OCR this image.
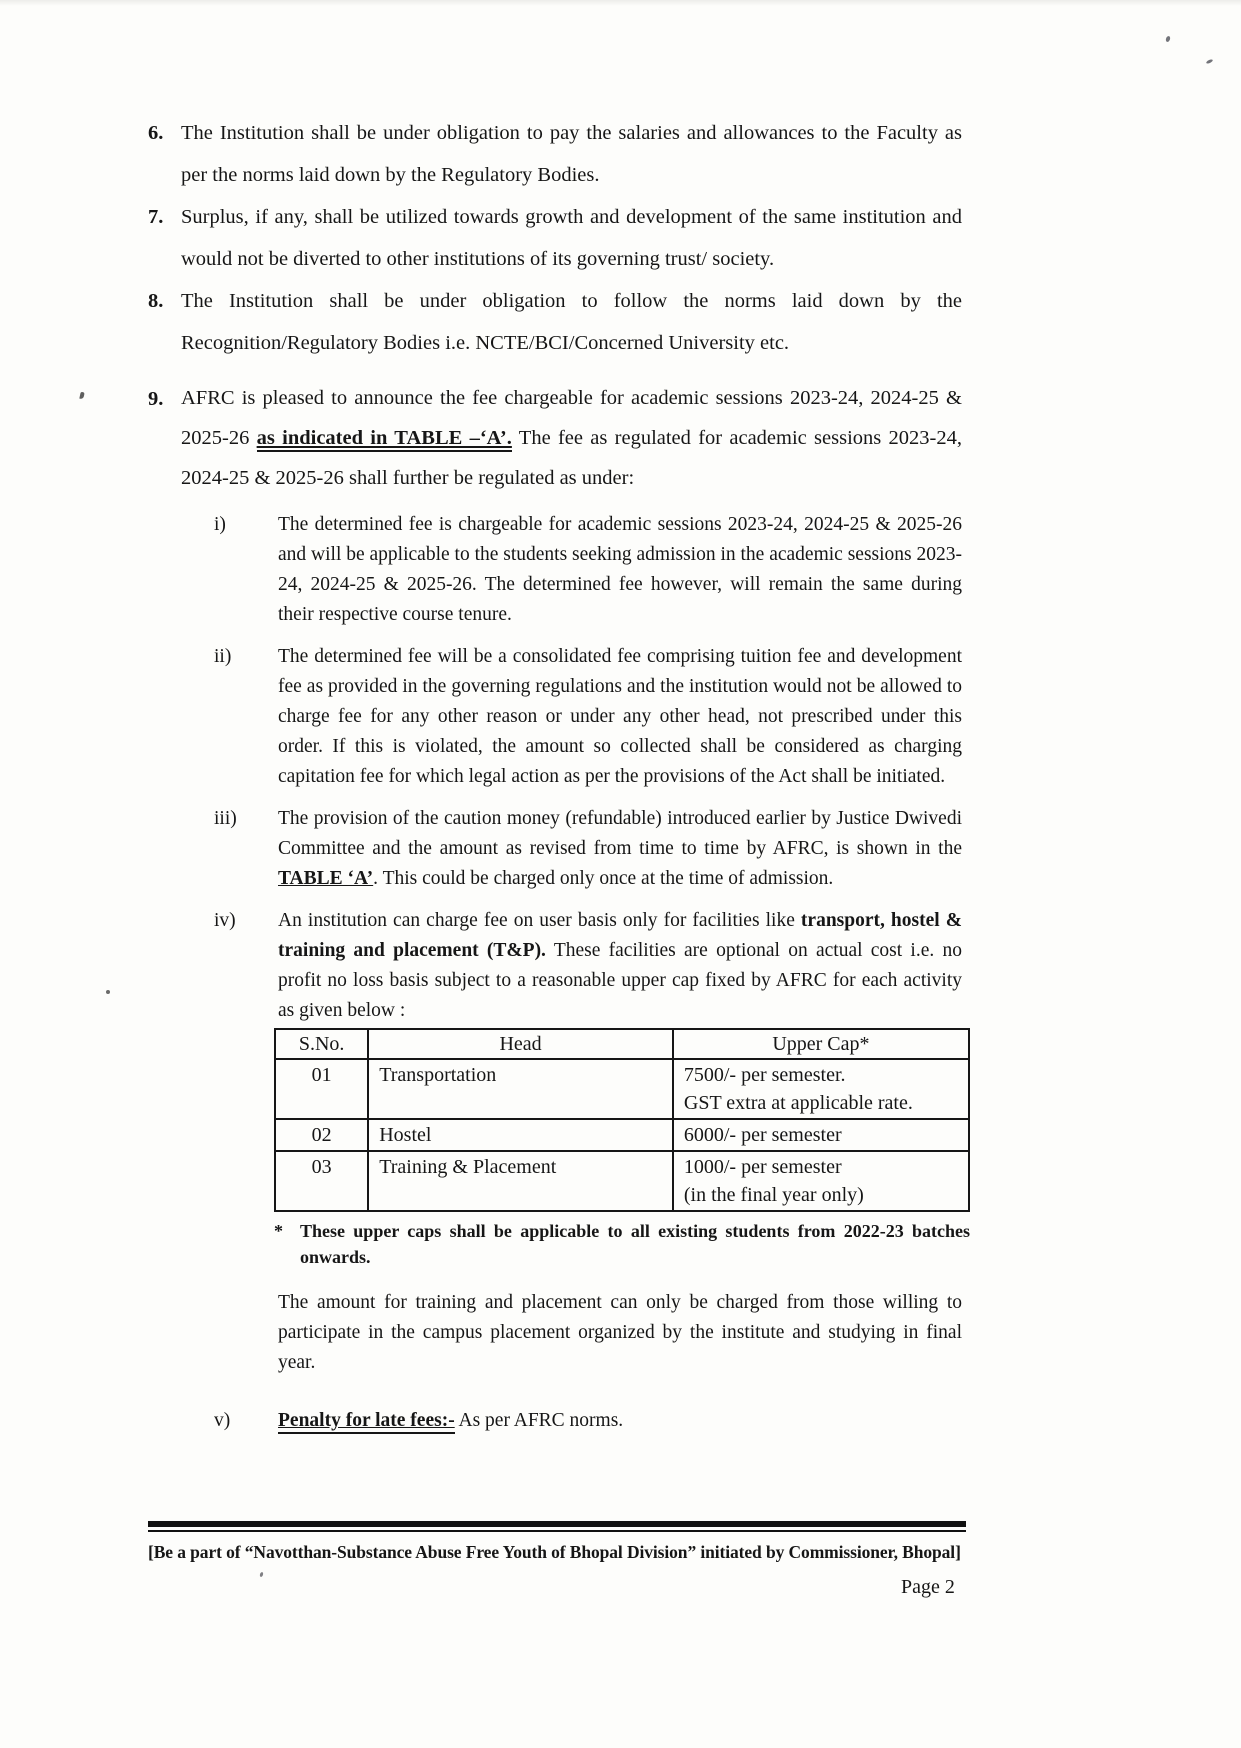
6. The Institution shall be under obligation to pay the salaries and allowances to the Faculty as per the norms laid down by the Regulatory Bodies.
7. Surplus, if any, shall be utilized towards growth and development of the same institution and would not be diverted to other institutions of its governing trust/ society.
8. The Institution shall be under obligation to follow the norms laid down by the Recognition/Regulatory Bodies i.e. NCTE/BCI/Concerned University etc.
9. AFRC is pleased to announce the fee chargeable for academic sessions 2023-24, 2024-25 & 2025-26 as indicated in TABLE –‘A’. The fee as regulated for academic sessions 2023-24, 2024-25 & 2025-26 shall further be regulated as under:
i)	The determined fee is chargeable for academic sessions 2023-24, 2024-25 & 2025-26 and will be applicable to the students seeking admission in the academic sessions 2023-24, 2024-25 & 2025-26. The determined fee however, will remain the same during their respective course tenure.
ii)	The determined fee will be a consolidated fee comprising tuition fee and development fee as provided in the governing regulations and the institution would not be allowed to charge fee for any other reason or under any other head, not prescribed under this order. If this is violated, the amount so collected shall be considered as charging capitation fee for which legal action as per the provisions of the Act shall be initiated.
iii)	The provision of the caution money (refundable) introduced earlier by Justice Dwivedi Committee and the amount as revised from time to time by AFRC, is shown in the TABLE ‘A’. This could be charged only once at the time of admission.
iv)	An institution can charge fee on user basis only for facilities like transport, hostel & training and placement (T&P). These facilities are optional on actual cost i.e. no profit no loss basis subject to a reasonable upper cap fixed by AFRC for each activity as given below :
S.No.	Head	Upper Cap*
01	Transportation	7500/- per semester.
GST extra at applicable rate.

02	Hostel	6000/- per semester

03	Training & Placement	1000/- per semester
(in the final year only)
* These upper caps shall be applicable to all existing students from 2022-23 batches onwards.
The amount for training and placement can only be charged from those willing to participate in the campus placement organized by the institute and studying in final year.
v)	Penalty for late fees:- As per AFRC norms.
[Be a part of “Navotthan-Substance Abuse Free Youth of Bhopal Division” initiated by Commissioner, Bhopal]
Page 2
